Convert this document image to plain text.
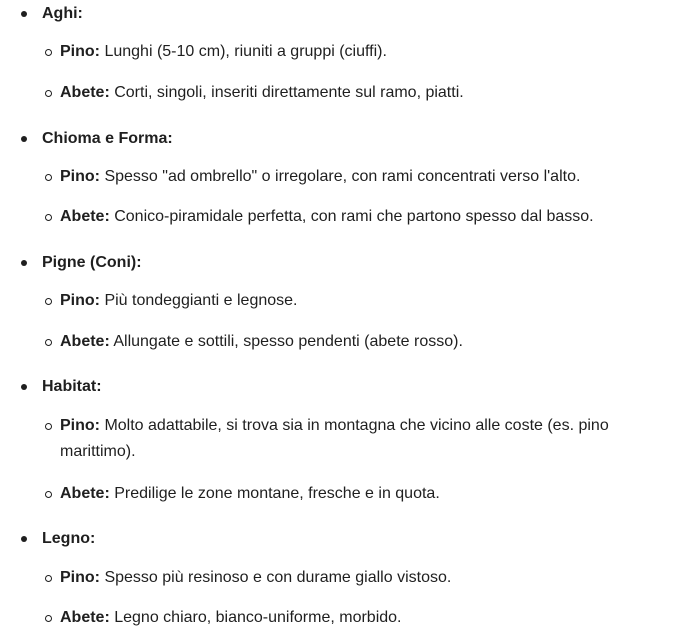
Aghi:
Pino: Lunghi (5-10 cm), riuniti a gruppi (ciuffi).
Abete: Corti, singoli, inseriti direttamente sul ramo, piatti.
Chioma e Forma:
Pino: Spesso "ad ombrello" o irregolare, con rami concentrati verso l'alto.
Abete: Conico-piramidale perfetta, con rami che partono spesso dal basso.
Pigne (Coni):
Pino: Più tondeggianti e legnose.
Abete: Allungate e sottili, spesso pendenti (abete rosso).
Habitat:
Pino: Molto adattabile, si trova sia in montagna che vicino alle coste (es. pino marittimo).
Abete: Predilige le zone montane, fresche e in quota.
Legno:
Pino: Spesso più resinoso e con durame giallo vistoso.
Abete: Legno chiaro, bianco-uniforme, morbido.
